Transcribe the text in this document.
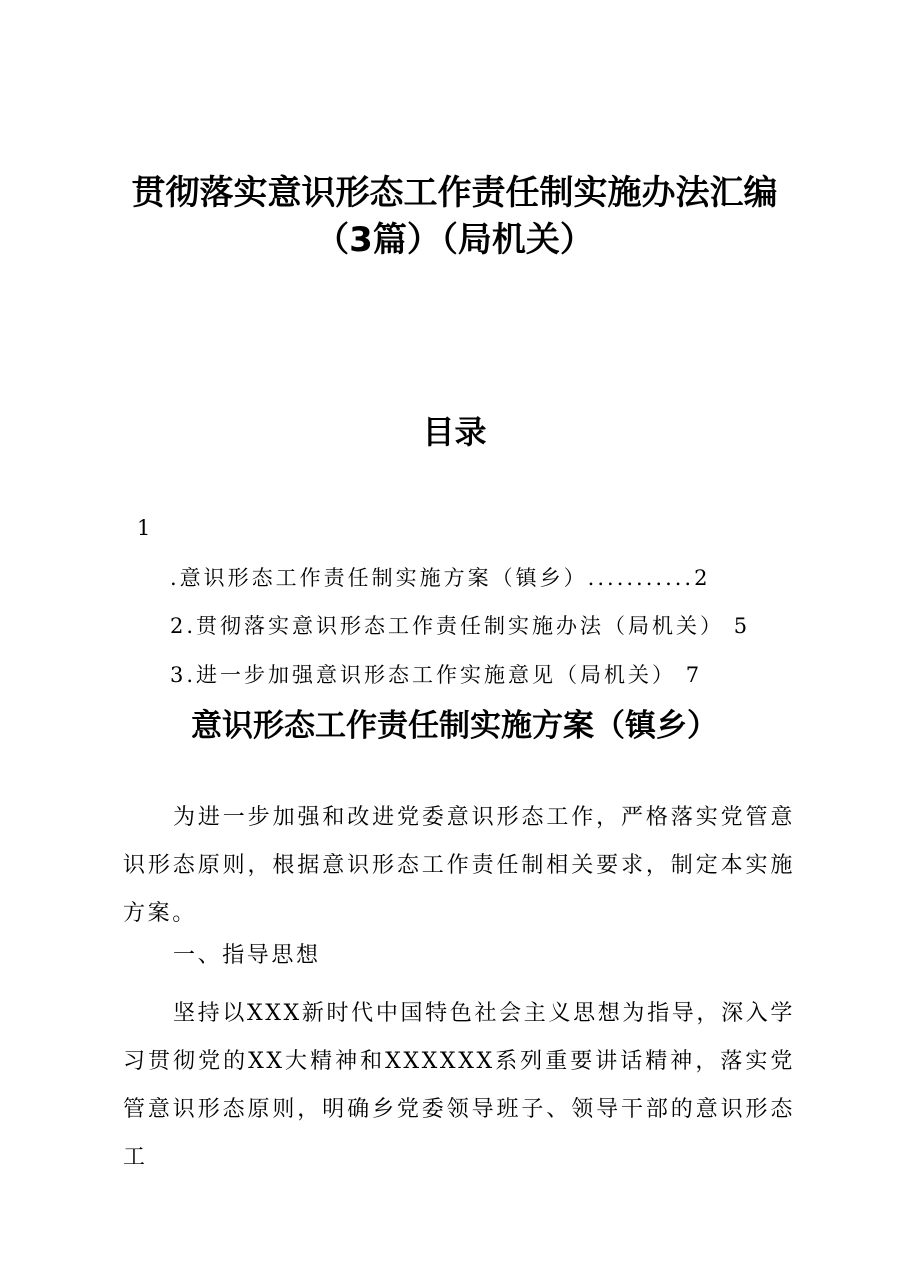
贯彻落实意识形态工作责任制实施办法汇编
（3篇）（局机关）
目录
1
.意识形态工作责任制实施方案（镇乡）...........2
2.贯彻落实意识形态工作责任制实施办法（局机关） 5
3.进一步加强意识形态工作实施意见（局机关） 7
意识形态工作责任制实施方案（镇乡）
为进一步加强和改进党委意识形态工作，严格落实党管意识形态原则，根据意识形态工作责任制相关要求，制定本实施方案。
一、指导思想
坚持以XXX新时代中国特色社会主义思想为指导，深入学习贯彻党的XX大精神和XXXXXX系列重要讲话精神，落实党管意识形态原则，明确乡党委领导班子、领导干部的意识形态工
